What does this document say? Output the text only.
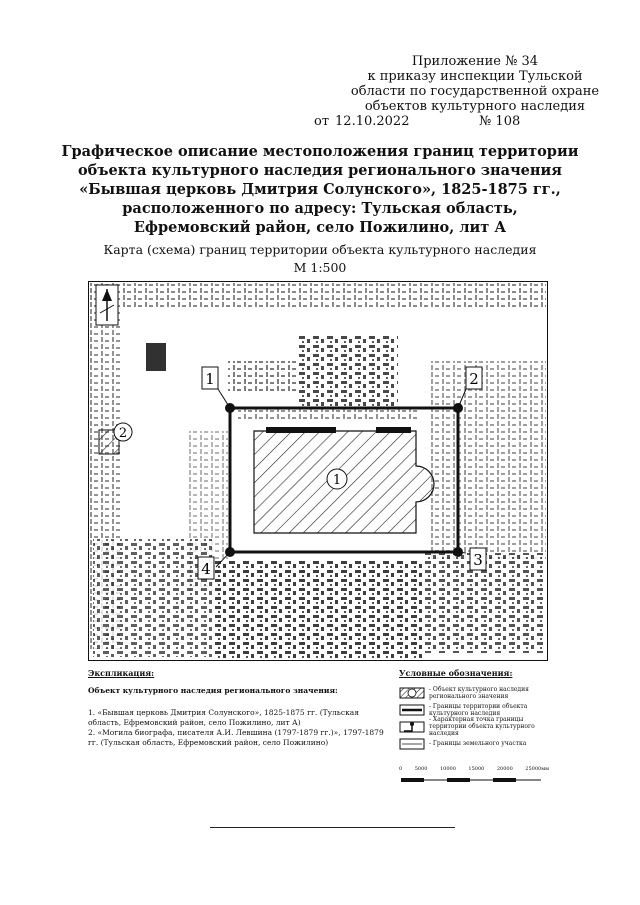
Приложение № 34
к приказу инспекции Тульской
области по государственной охране
объектов культурного наследия
от 12.10.2022	№ 108
Графическое описание местоположения границ территории
объекта культурного наследия регионального значения
«Бывшая церковь Дмитрия Солунского», 1825-1875 гг.,
расположенного по адресу: Тульская область,
Ефремовский район, село Пожилино, лит А
Карта (схема) границ территории объекта культурного наследия
М 1:500
2
1
1	2
3
4
Экспликация:
Объект культурного наследия регионального значения:
1. «Бывшая церковь Дмитрия Солунского», 1825-1875 гг. (Тульская
область, Ефремовский район, село Пожилино, лит А)
2. «Могила биографа, писателя А.И. Левшина (1797-1879 гг.)», 1797-1879
гг. (Тульская область, Ефремовский район, село Пожилино)
Условные обозначения:
- Объект культурного наследия регионального значения
- Границы территории объекта культурного наследия
- Характерная точка границы территории объекта культурного наследия
- Границы земельного участка
0	5000	10000	15000	20000	25000мм
